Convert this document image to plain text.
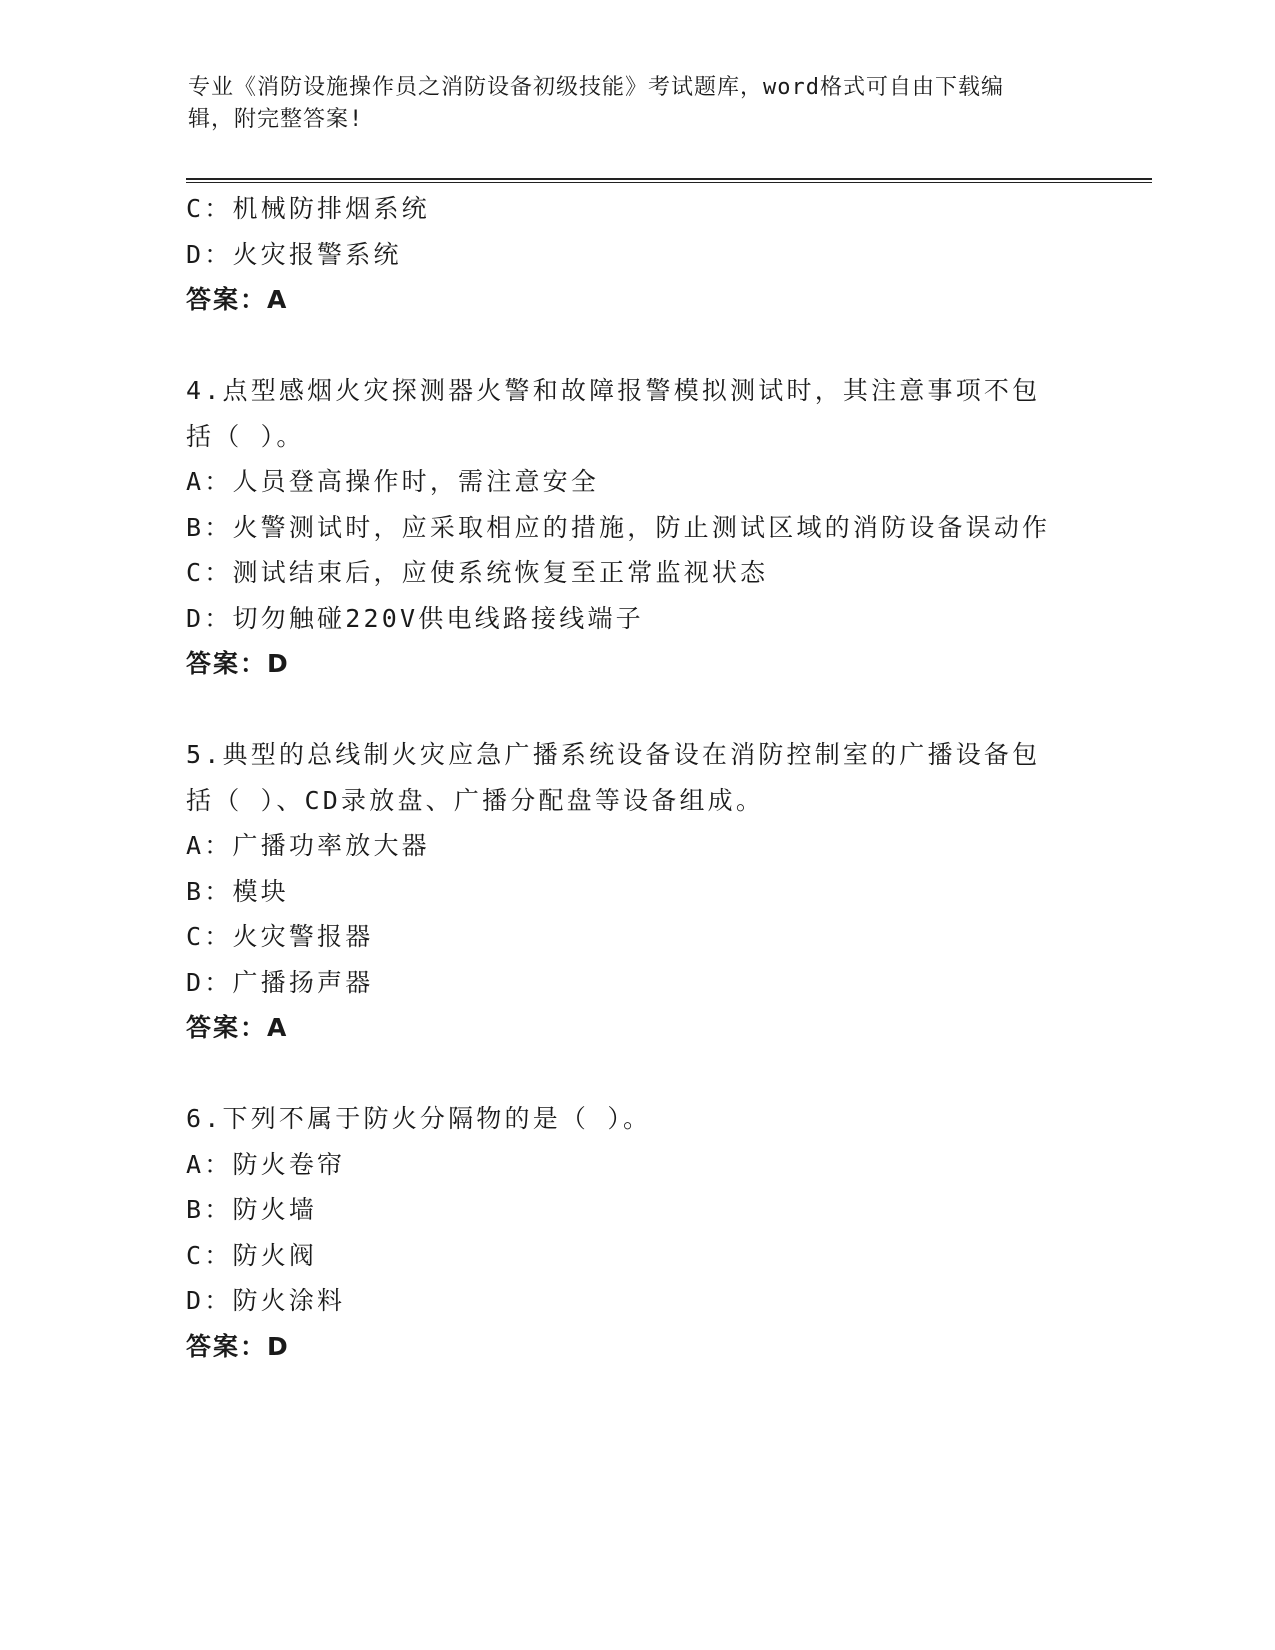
专业《消防设施操作员之消防设备初级技能》考试题库，word格式可自由下载编
辑，附完整答案!
C：机械防排烟系统
D：火灾报警系统
答案：A
4.点型感烟火灾探测器火警和故障报警模拟测试时，其注意事项不包
括（ ）。
A：人员登高操作时，需注意安全
B：火警测试时，应采取相应的措施，防止测试区域的消防设备误动作
C：测试结束后，应使系统恢复至正常监视状态
D：切勿触碰220V供电线路接线端子
答案：D
5.典型的总线制火灾应急广播系统设备设在消防控制室的广播设备包
括（ ）、CD录放盘、广播分配盘等设备组成。
A：广播功率放大器
B：模块
C：火灾警报器
D：广播扬声器
答案：A
6.下列不属于防火分隔物的是（ ）。
A：防火卷帘
B：防火墙
C：防火阀
D：防火涂料
答案：D
